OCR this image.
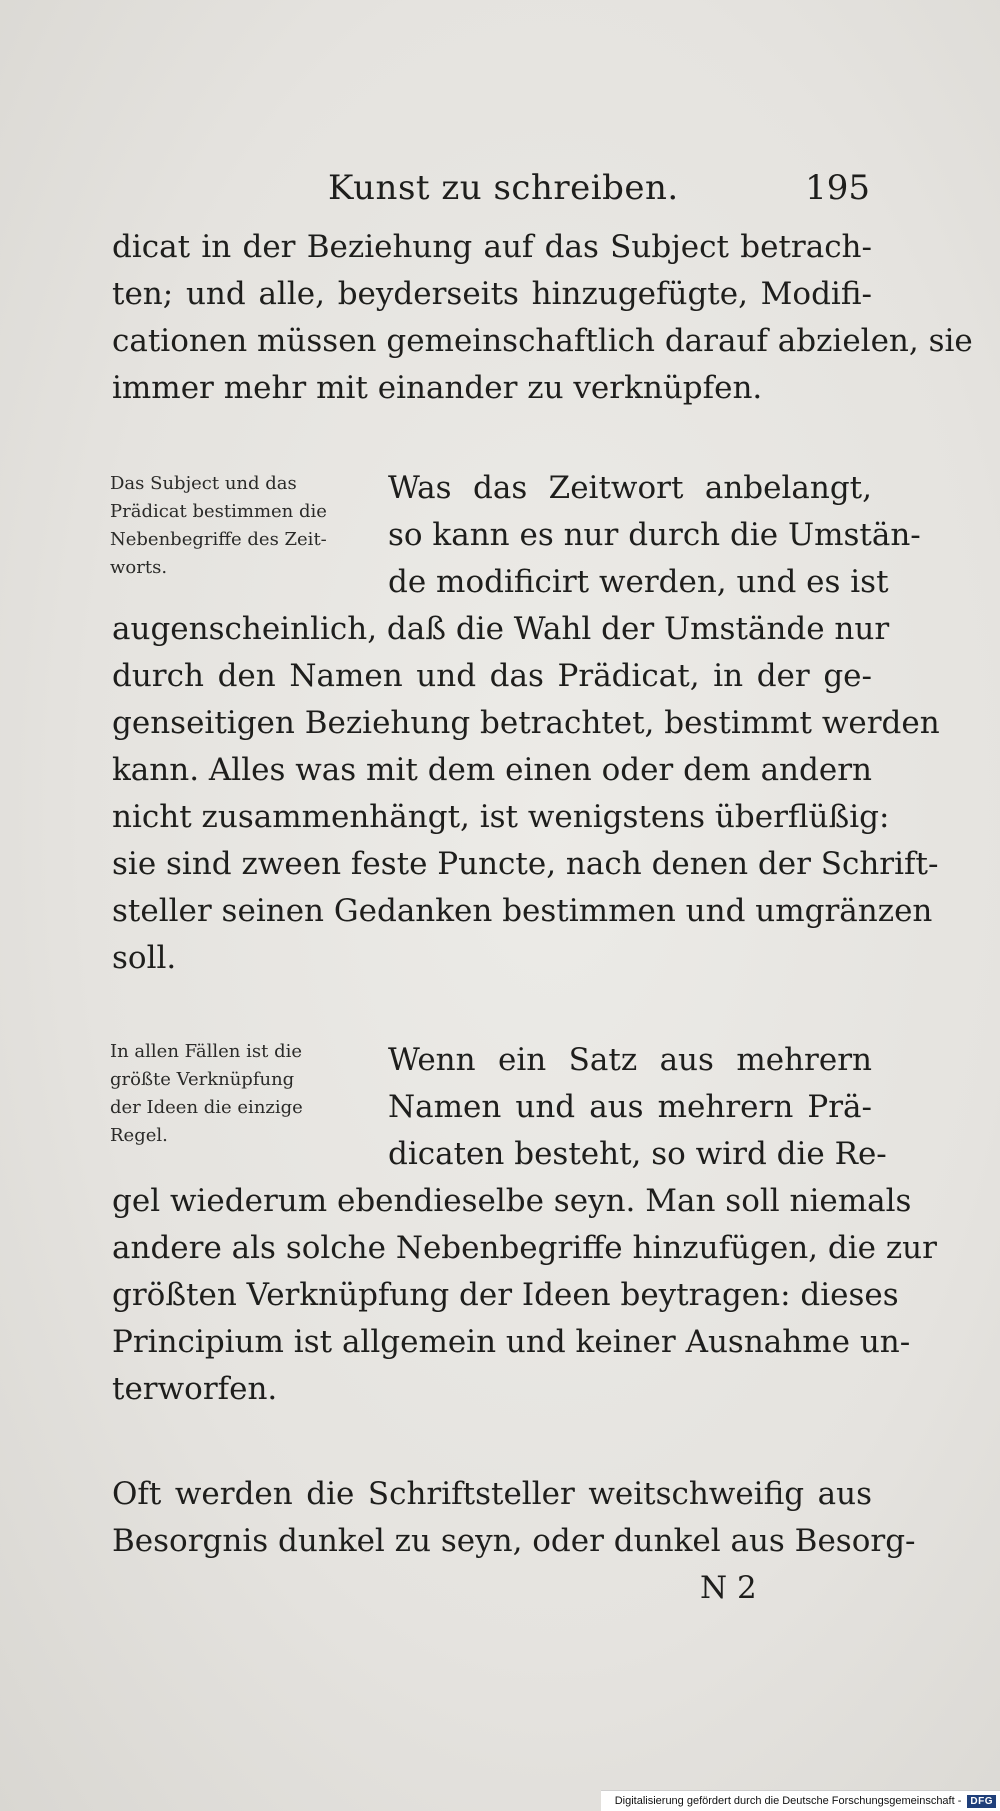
Kunst zu schreiben.	195
dicat in der Beziehung auf das Subject betrach-
ten; und alle, beyderseits hinzugefügte, Modifi-
cationen müssen gemeinschaftlich darauf abzielen, sie
immer mehr mit einander zu verknüpfen.
Das Subject und das
Prädicat bestimmen die
Nebenbegriffe des Zeit-
worts.
Was das Zeitwort anbelangt,
so kann es nur durch die Umstän-
de modificirt werden, und es ist
augenscheinlich, daß die Wahl der Umstände nur
durch den Namen und das Prädicat, in der ge-
genseitigen Beziehung betrachtet, bestimmt werden
kann. Alles was mit dem einen oder dem andern
nicht zusammenhängt, ist wenigstens überflüßig:
sie sind zween feste Puncte, nach denen der Schrift-
steller seinen Gedanken bestimmen und umgränzen
soll.
In allen Fällen ist die
größte Verknüpfung
der Ideen die einzige
Regel.
Wenn ein Satz aus mehrern
Namen und aus mehrern Prä-
dicaten besteht, so wird die Re-
gel wiederum ebendieselbe seyn. Man soll niemals
andere als solche Nebenbegriffe hinzufügen, die zur
größten Verknüpfung der Ideen beytragen: dieses
Principium ist allgemein und keiner Ausnahme un-
terworfen.
Oft werden die Schriftsteller weitschweifig aus
Besorgnis dunkel zu seyn, oder dunkel aus Besorg-
N 2
Digitalisierung gefördert durch die Deutsche Forschungsgemeinschaft - DFG
